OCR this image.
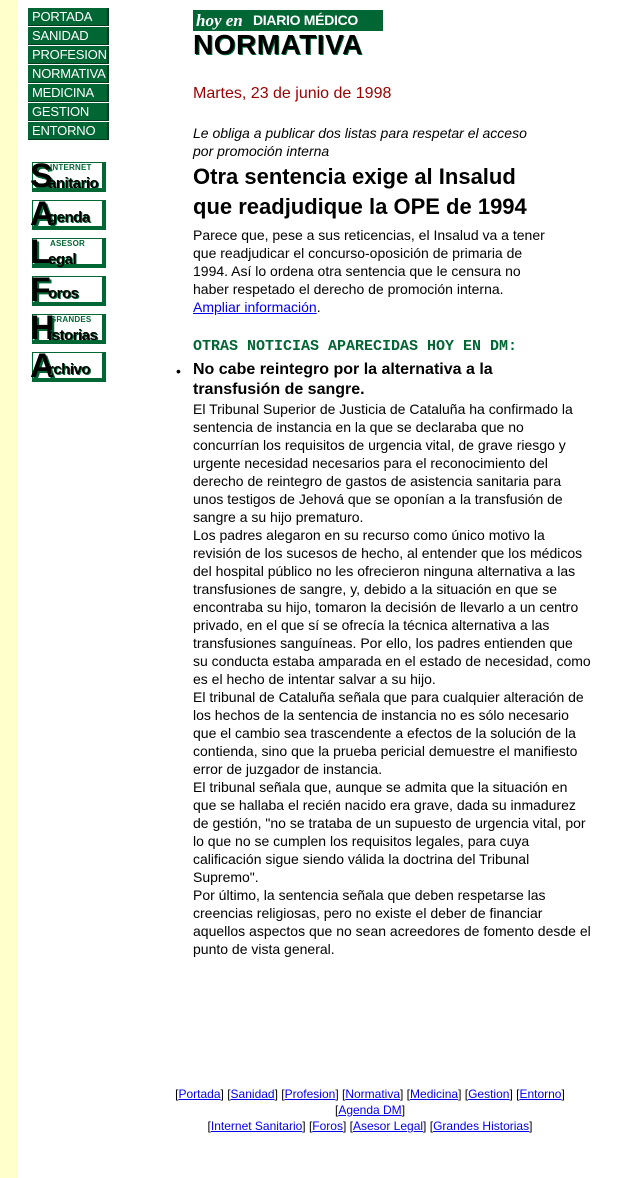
PORTADA
SANIDAD
PROFESION
NORMATIVA
MEDICINA
GESTION
ENTORNO
INTERNET
S
anitario
A
genda
ASESOR
L
egal
F
oros
GRANDES
H
istorias
A
rchivo
hoy en DIARIO MÉDICO
NORMATIVA

Martes, 23 de junio de 1998

Le obliga a publicar dos listas para respetar el acceso por promoción interna

Otra sentencia exige al Insalud que readjudique la OPE de 1994

Parece que, pese a sus reticencias, el Insalud va a tener que readjudicar el concurso-oposición de primaria de 1994. Así lo ordena otra sentencia que le censura no haber respetado el derecho de promoción interna.
Ampliar información.

OTRAS NOTICIAS APARECIDAS HOY EN DM:
• No cabe reintegro por la alternativa a la transfusión de sangre.

El Tribunal Superior de Justicia de Cataluña ha confirmado la sentencia de instancia en la que se declaraba que no concurrían los requisitos de urgencia vital, de grave riesgo y urgente necesidad necesarios para el reconocimiento del derecho de reintegro de gastos de asistencia sanitaria para unos testigos de Jehová que se oponían a la transfusión de sangre a su hijo prematuro.

Los padres alegaron en su recurso como único motivo la revisión de los sucesos de hecho, al entender que los médicos del hospital público no les ofrecieron ninguna alternativa a las transfusiones de sangre, y, debido a la situación en que se encontraba su hijo, tomaron la decisión de llevarlo a un centro privado, en el que sí se ofrecía la técnica alternativa a las transfusiones sanguíneas. Por ello, los padres entienden que su conducta estaba amparada en el estado de necesidad, como es el hecho de intentar salvar a su hijo.

El tribunal de Cataluña señala que para cualquier alteración de los hechos de la sentencia de instancia no es sólo necesario que el cambio sea trascendente a efectos de la solución de la contienda, sino que la prueba pericial demuestre el manifiesto error de juzgador de instancia.

El tribunal señala que, aunque se admita que la situación en que se hallaba el recién nacido era grave, dada su inmadurez de gestión, "no se trataba de un supuesto de urgencia vital, por lo que no se cumplen los requisitos legales, para cuya calificación sigue siendo válida la doctrina del Tribunal Supremo".

Por último, la sentencia señala que deben respetarse las creencias religiosas, pero no existe el deber de financiar aquellos aspectos que no sean acreedores de fomento desde el punto de vista general.

[Portada] [Sanidad] [Profesion] [Normativa] [Medicina] [Gestion] [Entorno]
[Agenda DM]
[Internet Sanitario] [Foros] [Asesor Legal] [Grandes Historias]
